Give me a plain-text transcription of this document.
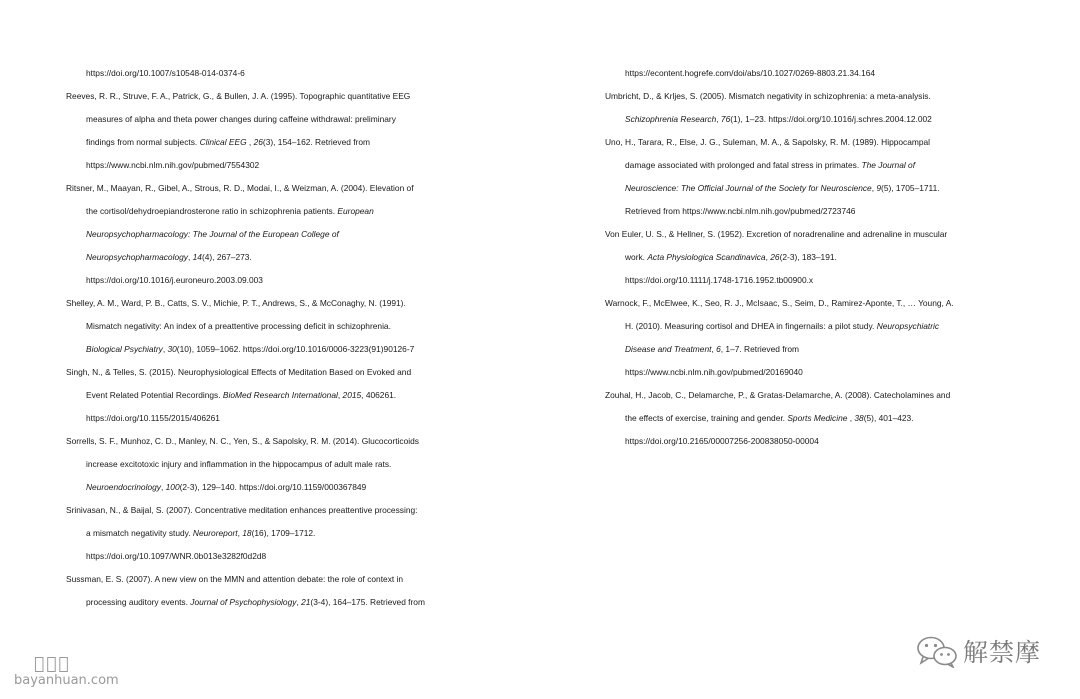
https://doi.org/10.1007/s10548-014-0374-6
Reeves, R. R., Struve, F. A., Patrick, G., & Bullen, J. A. (1995). Topographic quantitative EEG
measures of alpha and theta power changes during caffeine withdrawal: preliminary
findings from normal subjects. Clinical EEG , 26(3), 154–162. Retrieved from
https://www.ncbi.nlm.nih.gov/pubmed/7554302
Ritsner, M., Maayan, R., Gibel, A., Strous, R. D., Modai, I., & Weizman, A. (2004). Elevation of
the cortisol/dehydroepiandrosterone ratio in schizophrenia patients. European
Neuropsychopharmacology: The Journal of the European College of
Neuropsychopharmacology, 14(4), 267–273.
https://doi.org/10.1016/j.euroneuro.2003.09.003
Shelley, A. M., Ward, P. B., Catts, S. V., Michie, P. T., Andrews, S., & McConaghy, N. (1991).
Mismatch negativity: An index of a preattentive processing deficit in schizophrenia.
Biological Psychiatry, 30(10), 1059–1062. https://doi.org/10.1016/0006-3223(91)90126-7
Singh, N., & Telles, S. (2015). Neurophysiological Effects of Meditation Based on Evoked and
Event Related Potential Recordings. BioMed Research International, 2015, 406261.
https://doi.org/10.1155/2015/406261
Sorrells, S. F., Munhoz, C. D., Manley, N. C., Yen, S., & Sapolsky, R. M. (2014). Glucocorticoids
increase excitotoxic injury and inflammation in the hippocampus of adult male rats.
Neuroendocrinology, 100(2-3), 129–140. https://doi.org/10.1159/000367849
Srinivasan, N., & Baijal, S. (2007). Concentrative meditation enhances preattentive processing:
a mismatch negativity study. Neuroreport, 18(16), 1709–1712.
https://doi.org/10.1097/WNR.0b013e3282f0d2d8
Sussman, E. S. (2007). A new view on the MMN and attention debate: the role of context in
processing auditory events. Journal of Psychophysiology, 21(3-4), 164–175. Retrieved from
https://econtent.hogrefe.com/doi/abs/10.1027/0269-8803.21.34.164
Umbricht, D., & Krljes, S. (2005). Mismatch negativity in schizophrenia: a meta-analysis.
Schizophrenia Research, 76(1), 1–23. https://doi.org/10.1016/j.schres.2004.12.002
Uno, H., Tarara, R., Else, J. G., Suleman, M. A., & Sapolsky, R. M. (1989). Hippocampal
damage associated with prolonged and fatal stress in primates. The Journal of
Neuroscience: The Official Journal of the Society for Neuroscience, 9(5), 1705–1711.
Retrieved from https://www.ncbi.nlm.nih.gov/pubmed/2723746
Von Euler, U. S., & Hellner, S. (1952). Excretion of noradrenaline and adrenaline in muscular
work. Acta Physiologica Scandinavica, 26(2-3), 183–191.
https://doi.org/10.1111/j.1748-1716.1952.tb00900.x
Warnock, F., McElwee, K., Seo, R. J., McIsaac, S., Seim, D., Ramirez-Aponte, T., … Young, A.
H. (2010). Measuring cortisol and DHEA in fingernails: a pilot study. Neuropsychiatric
Disease and Treatment, 6, 1–7. Retrieved from
https://www.ncbi.nlm.nih.gov/pubmed/20169040
Zouhal, H., Jacob, C., Delamarche, P., & Gratas-Delamarche, A. (2008). Catecholamines and
the effects of exercise, training and gender. Sports Medicine , 38(5), 401–423.
https://doi.org/10.2165/00007256-200838050-00004
解禁摩
𣇶言欢
bayanhuan.com
